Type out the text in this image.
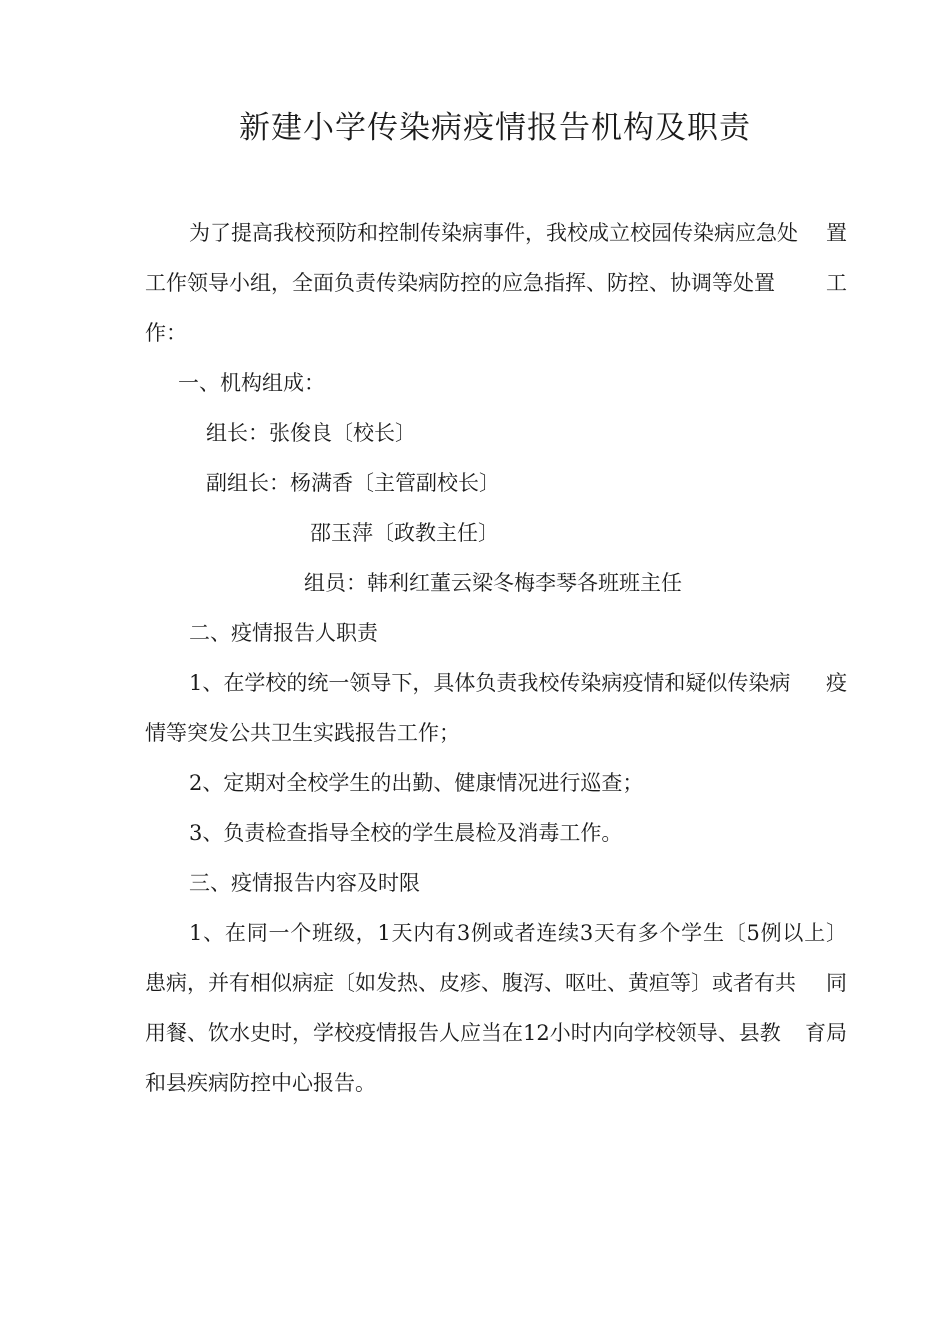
新建小学传染病疫情报告机构及职责
为了提高我校预防和控制传染病事件，我校成立校园传染病应急处 置
工作领导小组，全面负责传染病防控的应急指挥、防控、协调等处置 工
作：
一、机构组成：
组长：张俊良〔校长〕
副组长：杨满香〔主管副校长〕
邵玉萍〔政教主任〕
组员：韩利红董云梁冬梅李琴各班班主任
二、疫情报告人职责
1、在学校的统一领导下，具体负责我校传染病疫情和疑似传染病 疫
情等突发公共卫生实践报告工作；
2、定期对全校学生的出勤、健康情况进行巡查；
3、负责检查指导全校的学生晨检及消毒工作。
三、疫情报告内容及时限
1、在同一个班级，1天内有3例或者连续3天有多个学生〔5例以上〕
患病，并有相似病症〔如发热、皮疹、腹泻、呕吐、黄疸等〕或者有共 同
用餐、饮水史时，学校疫情报告人应当在12小时内向学校领导、县教 育局
和县疾病防控中心报告。
